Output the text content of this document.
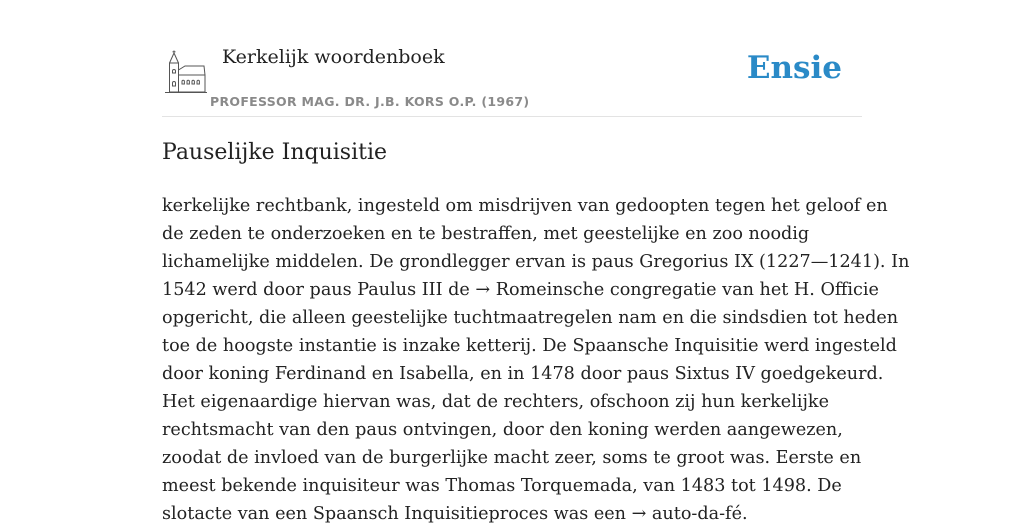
Kerkelijk woordenboek
PROFESSOR MAG. DR. J.B. KORS O.P. (1967)
Ensie
Pauselijke Inquisitie

kerkelijke rechtbank, ingesteld om misdrijven van gedoopten tegen het geloof en
de zeden te onderzoeken en te bestraffen, met geestelijke en zoo noodig
lichamelijke middelen. De grondlegger ervan is paus Gregorius IX (1227—1241). In
1542 werd door paus Paulus III de → Romeinsche congregatie van het H. Officie
opgericht, die alleen geestelijke tuchtmaatregelen nam en die sindsdien tot heden
toe de hoogste instantie is inzake ketterij. De Spaansche Inquisitie werd ingesteld
door koning Ferdinand en Isabella, en in 1478 door paus Sixtus IV goedgekeurd.
Het eigenaardige hiervan was, dat de rechters, ofschoon zij hun kerkelijke
rechtsmacht van den paus ontvingen, door den koning werden aangewezen,
zoodat de invloed van de burgerlijke macht zeer, soms te groot was. Eerste en
meest bekende inquisiteur was Thomas Torquemada, van 1483 tot 1498. De
slotacte van een Spaansch Inquisitieproces was een → auto-da-fé.
